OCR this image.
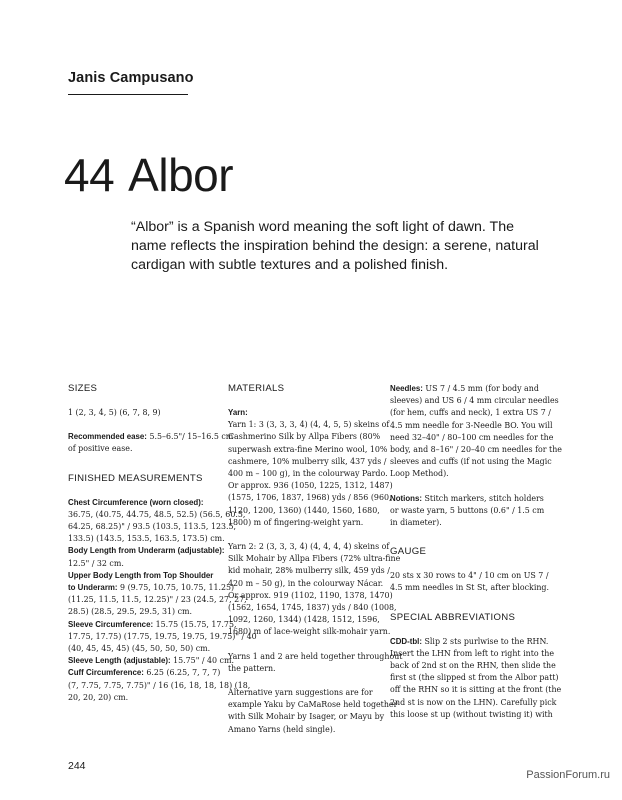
Janis Campusano
44 Albor

“Albor” is a Spanish word meaning the soft light of dawn. The

name reflects the inspiration behind the design: a serene, natural

cardigan with subtle textures and a polished finish.

SIZES

1 (2, 3, 4, 5) (6, 7, 8, 9)
Recommended ease: 5.5–6.5"/ 15–16.5 cm
of positive ease.

FINISHED MEASUREMENTS

Chest Circumference (worn closed):
36.75, (40.75, 44.75, 48.5, 52.5) (56.5, 60.5,
64.25, 68.25)" / 93.5 (103.5, 113.5, 123.5,
133.5) (143.5, 153.5, 163.5, 173.5) cm.
Body Length from Underarm (adjustable):
12.5" / 32 cm.
Upper Body Length from Top Shoulder
to Underarm: 9 (9.75, 10.75, 10.75, 11.25)
(11.25, 11.5, 11.5, 12.25)" / 23 (24.5, 27, 27,
28.5) (28.5, 29.5, 29.5, 31) cm.
Sleeve Circumference: 15.75 (15.75, 17.75,
17.75, 17.75) (17.75, 19.75, 19.75, 19.75)" / 40
(40, 45, 45, 45) (45, 50, 50, 50) cm.
Sleeve Length (adjustable): 15.75" / 40 cm.
Cuff Circumference: 6.25 (6.25, 7, 7, 7)
(7, 7.75, 7.75, 7.75)" / 16 (16, 18, 18, 18) (18,
20, 20, 20) cm.

MATERIALS

Yarn:
Yarn 1: 3 (3, 3, 3, 4) (4, 4, 5, 5) skeins of
Cashmerino Silk by Allpa Fibers (80%
superwash extra-fine Merino wool, 10%
cashmere, 10% mulberry silk, 437 yds /
400 m – 100 g), in the colourway Pardo.
Or approx. 936 (1050, 1225, 1312, 1487)
(1575, 1706, 1837, 1968) yds / 856 (960,
1120, 1200, 1360) (1440, 1560, 1680,
1800) m of fingering-weight yarn.
Yarn 2: 2 (3, 3, 3, 4) (4, 4, 4, 4) skeins of
Silk Mohair by Allpa Fibers (72% ultra-fine
kid mohair, 28% mulberry silk, 459 yds /
420 m – 50 g), in the colourway Nácar.
Or approx. 919 (1102, 1190, 1378, 1470)
(1562, 1654, 1745, 1837) yds / 840 (1008,
1092, 1260, 1344) (1428, 1512, 1596,
1680) m of lace-weight silk-mohair yarn.
Yarns 1 and 2 are held together throughout
the pattern.
Alternative yarn suggestions are for
example Yaku by CaMaRose held together
with Silk Mohair by Isager, or Mayu by
Amano Yarns (held single).
Needles: US 7 / 4.5 mm (for body and
sleeves) and US 6 / 4 mm circular needles
(for hem, cuffs and neck), 1 extra US 7 /
4.5 mm needle for 3-Needle BO. You will
need 32–40" / 80–100 cm needles for the
body, and 8–16" / 20–40 cm needles for the
sleeves and cuffs (if not using the Magic
Loop Method).
Notions: Stitch markers, stitch holders
or waste yarn, 5 buttons (0.6" / 1.5 cm
in diameter).

GAUGE

20 sts x 30 rows to 4" / 10 cm on US 7 /
4.5 mm needles in St St, after blocking.

SPECIAL ABBREVIATIONS

CDD-tbl: Slip 2 sts purlwise to the RHN.
Insert the LHN from left to right into the
back of 2nd st on the RHN, then slide the
first st (the slipped st from the Albor patt)
off the RHN so it is sitting at the front (the
2nd st is now on the LHN). Carefully pick
this loose st up (without twisting it) with
244
PassionForum.ru
